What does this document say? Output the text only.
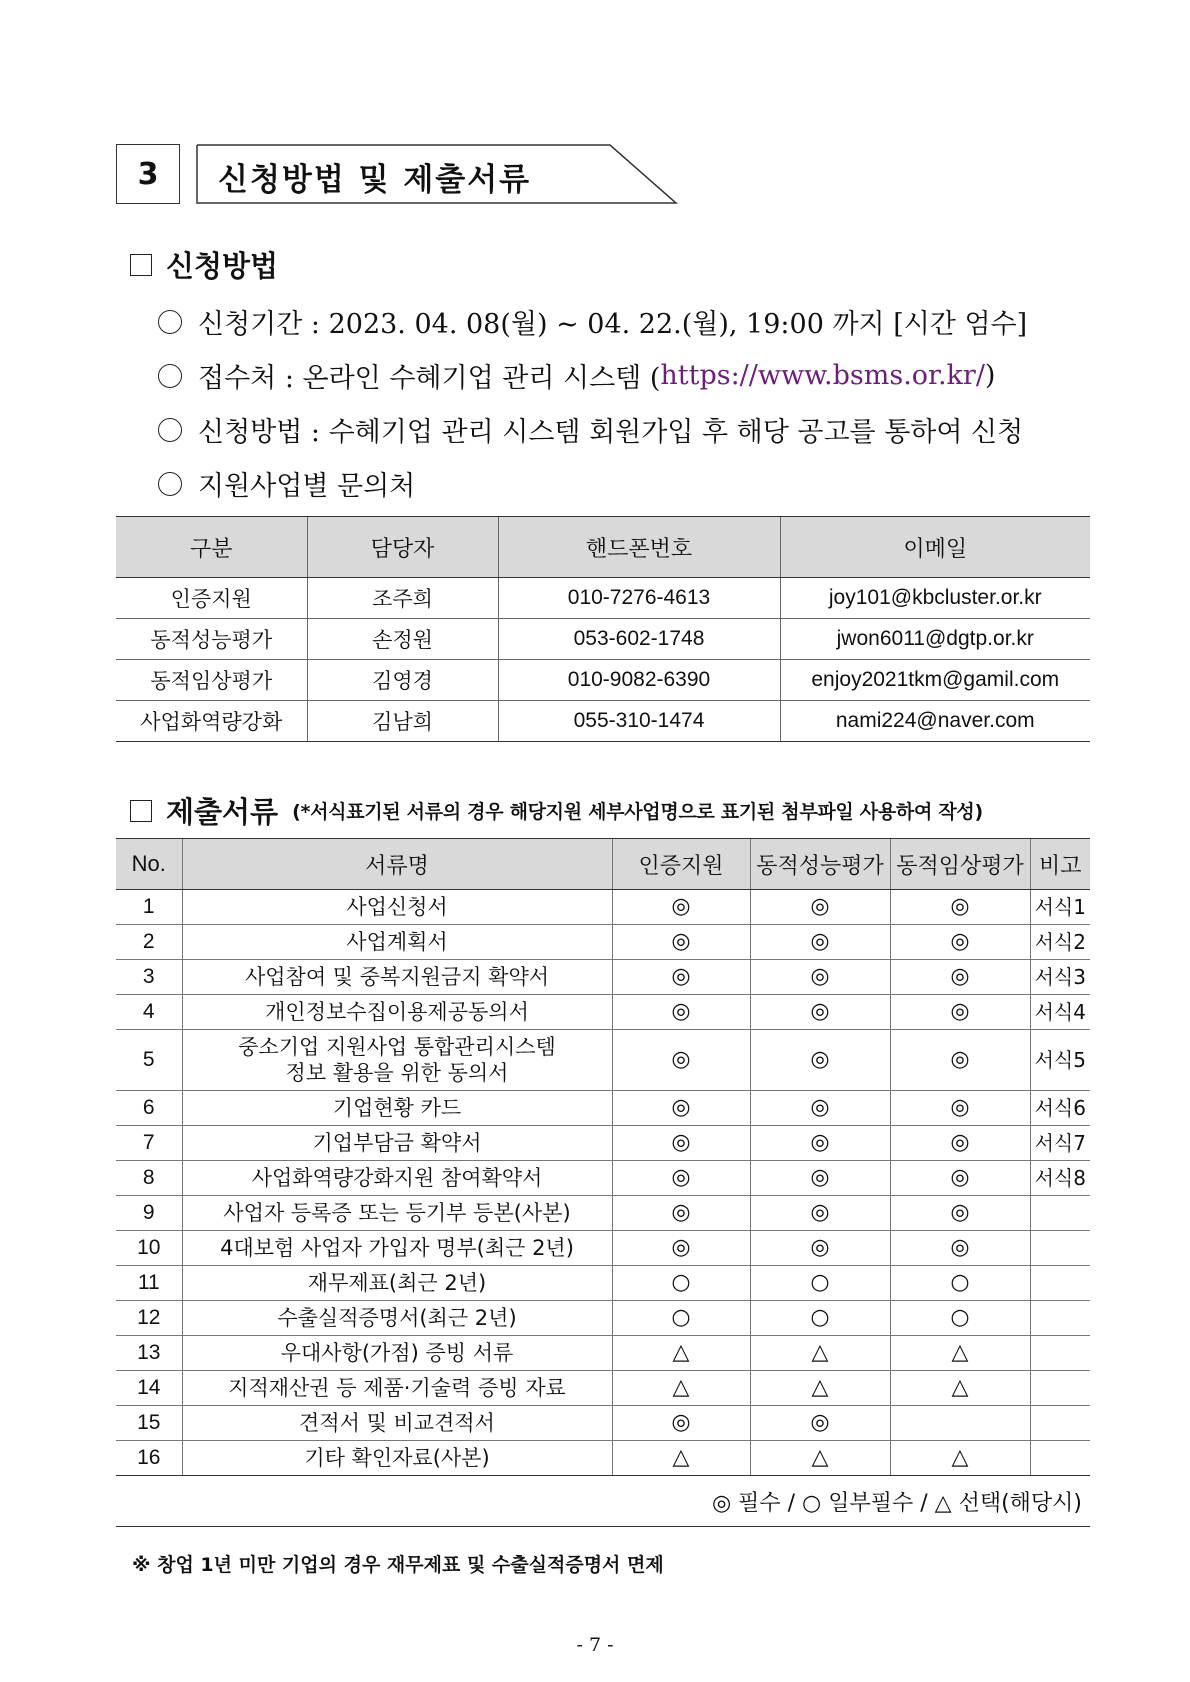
3	신청방법 및 제출서류
신청방법
신청기간 : 2023. 04. 08(월) ~ 04. 22.(월), 19:00 까지 [시간 엄수]
접수처 : 온라인 수혜기업 관리 시스템 ( https://www.bsms.or.kr/ )
신청방법 : 수혜기업 관리 시스템 회원가입 후 해당 공고를 통하여 신청
지원사업별 문의처
구분	담당자	핸드폰번호	이메일
인증지원	조주희	010-7276-4613	joy101@kbcluster.or.kr
동적성능평가	손정원	053-602-1748	jwon6011@dgtp.or.kr
동적임상평가	김영경	010-9082-6390	enjoy2021tkm@gamil.com
사업화역량강화	김남희	055-310-1474	nami224@naver.com
제출서류 (*서식표기된 서류의 경우 해당지원 세부사업명으로 표기된 첨부파일 사용하여 작성)
No.	서류명	인증지원	동적성능평가	동적임상평가	비고
1	사업신청서	◎	◎	◎	서식1
2	사업계획서	◎	◎	◎	서식2
3	사업참여 및 중복지원금지 확약서	◎	◎	◎	서식3
4	개인정보수집이용제공동의서	◎	◎	◎	서식4
5	중소기업 지원사업 통합관리시스템
정보 활용을 위한 동의서	◎	◎	◎	서식5
6	기업현황 카드	◎	◎	◎	서식6
7	기업부담금 확약서	◎	◎	◎	서식7
8	사업화역량강화지원 참여확약서	◎	◎	◎	서식8
9	사업자 등록증 또는 등기부 등본(사본)	◎	◎	◎	
10	4대보험 사업자 가입자 명부(최근 2년)	◎	◎	◎	
11	재무제표(최근 2년)	○	○	○	
12	수출실적증명서(최근 2년)	○	○	○	
13	우대사항(가점) 증빙 서류	△	△	△	
14	지적재산권 등 제품·기술력 증빙 자료	△	△	△	
15	견적서 및 비교견적서	◎	◎		
16	기타 확인자료(사본)	△	△	△	
◎ 필수 / ○ 일부필수 / △ 선택(해당시)
※ 창업 1년 미만 기업의 경우 재무제표 및 수출실적증명서 면제
- 7 -
